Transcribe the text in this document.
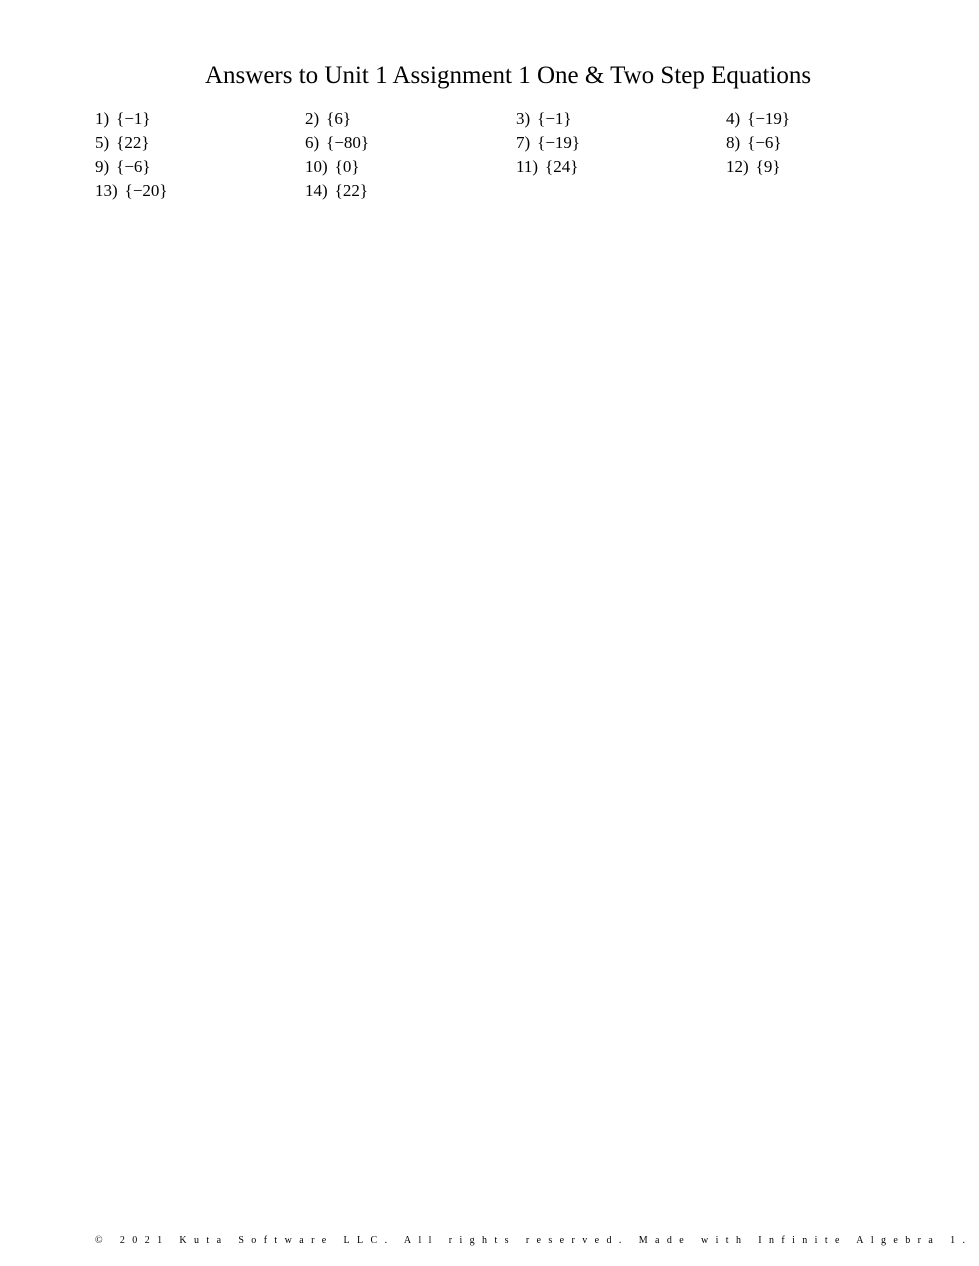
Answers to Unit 1 Assignment 1 One & Two Step Equations
1) {−1}	2) {6}	3) {−1}	4) {−19}
5) {22}	6) {−80}	7) {−19}	8) {−6}
9) {−6}	10) {0}	11) {24}	12) {9}
13) {−20}	14) {22}
© 2021 Kuta Software LLC. All rights reserved. Made with Infinite Algebra 1.
